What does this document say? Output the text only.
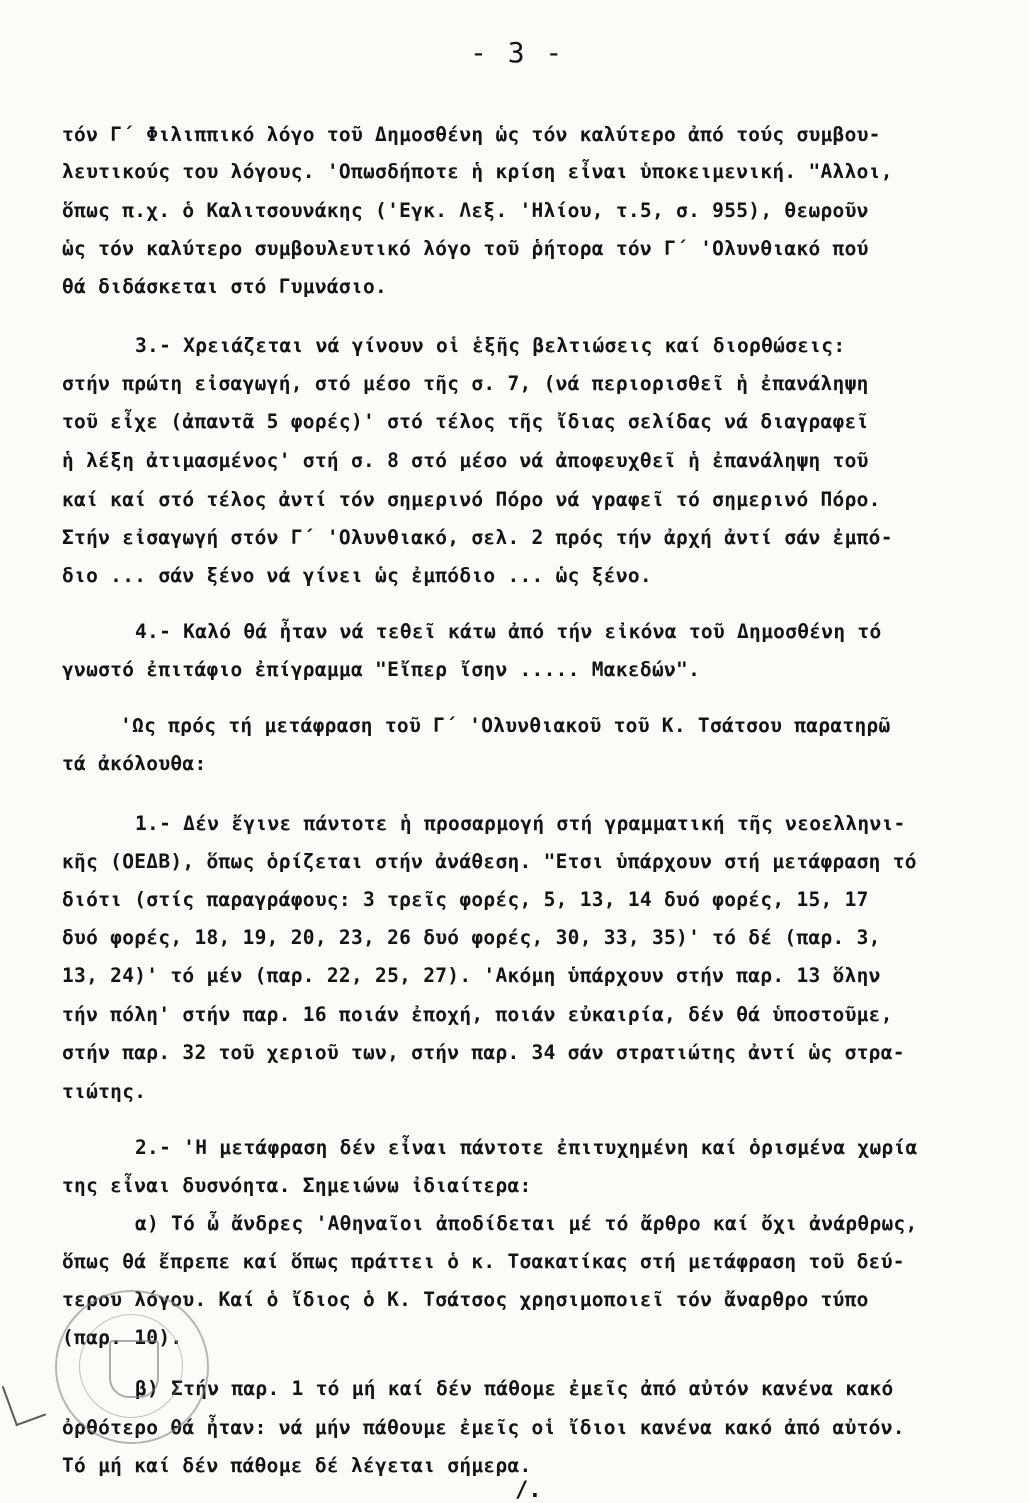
- 3 -
τόν Γ΄ Φιλιππικό λόγο τοῦ Δημοσθένη ὡς τόν καλύτερο ἀπό τούς συμβου-
λευτικούς του λόγους. 'Οπωσδήποτε ἡ κρίση εἶναι ὑποκειμενική. "Αλλοι,
ὅπως π.χ. ὁ Καλιτσουνάκης ('Εγκ. Λεξ. 'Ηλίου, τ.5, σ. 955), θεωροῦν
ὡς τόν καλύτερο συμβουλευτικό λόγο τοῦ ῥήτορα τόν Γ΄ 'Ολυνθιακό πού
θά διδάσκεται στό Γυμνάσιο.
3.- Χρειάζεται νά γίνουν οἱ ἑξῆς βελτιώσεις καί διορθώσεις:
στήν πρώτη εἰσαγωγή, στό μέσο τῆς σ. 7, (νά περιορισθεῖ ἡ ἐπανάληψη
τοῦ εἶχε (ἀπαντᾶ 5 φορές)' στό τέλος τῆς ἴδιας σελίδας νά διαγραφεῖ
ἡ λέξη ἀτιμασμένος' στή σ. 8 στό μέσο νά ἀποφευχθεῖ ἡ ἐπανάληψη τοῦ
καί καί στό τέλος ἀντί τόν σημερινό Πόρο νά γραφεῖ τό σημερινό Πόρο.
Στήν εἰσαγωγή στόν Γ΄ 'Ολυνθιακό, σελ. 2 πρός τήν ἀρχή ἀντί σάν ἐμπό-
διο ... σάν ξένο νά γίνει ὡς ἐμπόδιο ... ὡς ξένο.
4.- Καλό θά ἦταν νά τεθεῖ κάτω ἀπό τήν εἰκόνα τοῦ Δημοσθένη τό
γνωστό ἐπιτάφιο ἐπίγραμμα "Εἴπερ ἴσην ..... Μακεδών".
'Ως πρός τή μετάφραση τοῦ Γ΄ 'Ολυνθιακοῦ τοῦ Κ. Τσάτσου παρατηρῶ
τά ἀκόλουθα:
1.- Δέν ἔγινε πάντοτε ἡ προσαρμογή στή γραμματική τῆς νεοελληνι-
κῆς (ΟΕΔΒ), ὅπως ὁρίζεται στήν ἀνάθεση. "Ετσι ὑπάρχουν στή μετάφραση τό
διότι (στίς παραγράφους: 3 τρεῖς φορές, 5, 13, 14 δυό φορές, 15, 17
δυό φορές, 18, 19, 20, 23, 26 δυό φορές, 30, 33, 35)' τό δέ (παρ. 3,
13, 24)' τό μέν (παρ. 22, 25, 27). 'Ακόμη ὑπάρχουν στήν παρ. 13 ὅλην
τήν πόλη' στήν παρ. 16 ποιάν ἐποχή, ποιάν εὐκαιρία, δέν θά ὑποστοῦμε,
στήν παρ. 32 τοῦ χεριοῦ των, στήν παρ. 34 σάν στρατιώτης ἀντί ὡς στρα-
τιώτης.
2.- 'Η μετάφραση δέν εἶναι πάντοτε ἐπιτυχημένη καί ὁρισμένα χωρία
της εἶναι δυσνόητα. Σημειώνω ἰδιαίτερα:
α) Τό ὦ ἄνδρες 'Αθηναῖοι ἀποδίδεται μέ τό ἄρθρο καί ὄχι ἀνάρθρως,
ὅπως θά ἔπρεπε καί ὅπως πράττει ὁ κ. Τσακατίκας στή μετάφραση τοῦ δεύ-
τερου λόγου. Καί ὁ ἴδιος ὁ Κ. Τσάτσος χρησιμοποιεῖ τόν ἄναρθρο τύπο
(παρ. 10).
β) Στήν παρ. 1 τό μή καί δέν πάθομε ἐμεῖς ἀπό αὐτόν κανένα κακό
ὀρθότερο θά ἦταν: νά μήν πάθουμε ἐμεῖς οἱ ἴδιοι κανένα κακό ἀπό αὐτόν.
Τό μή καί δέν πάθομε δέ λέγεται σήμερα.
/.
